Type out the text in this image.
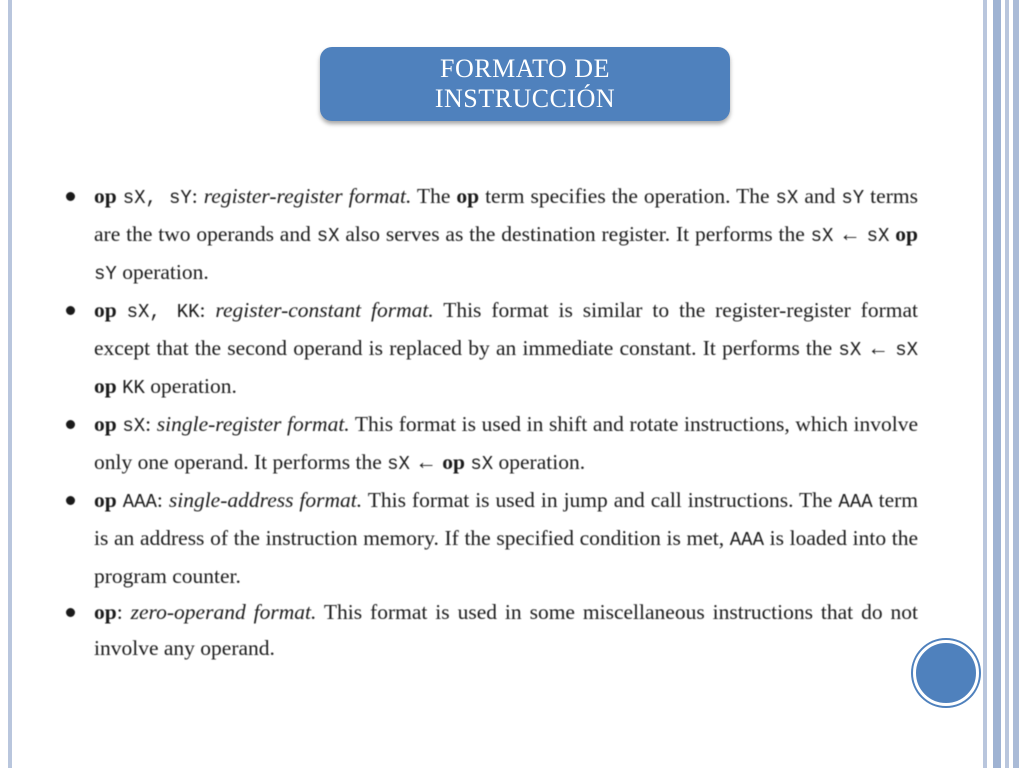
FORMATO DE INSTRUCCIÓN
op sX, sY: register-register format. The op term specifies the operation. The sX and sY terms are the two operands and sX also serves as the destination register. It performs the sX ← sX op sY operation.
op sX, KK: register-constant format. This format is similar to the register-register format except that the second operand is replaced by an immediate constant. It performs the sX ← sX op KK operation.
op sX: single-register format. This format is used in shift and rotate instructions, which involve only one operand. It performs the sX ← op sX operation.
op AAA: single-address format. This format is used in jump and call instructions. The AAA term is an address of the instruction memory. If the specified condition is met, AAA is loaded into the program counter.
op: zero-operand format. This format is used in some miscellaneous instructions that do not involve any operand.
